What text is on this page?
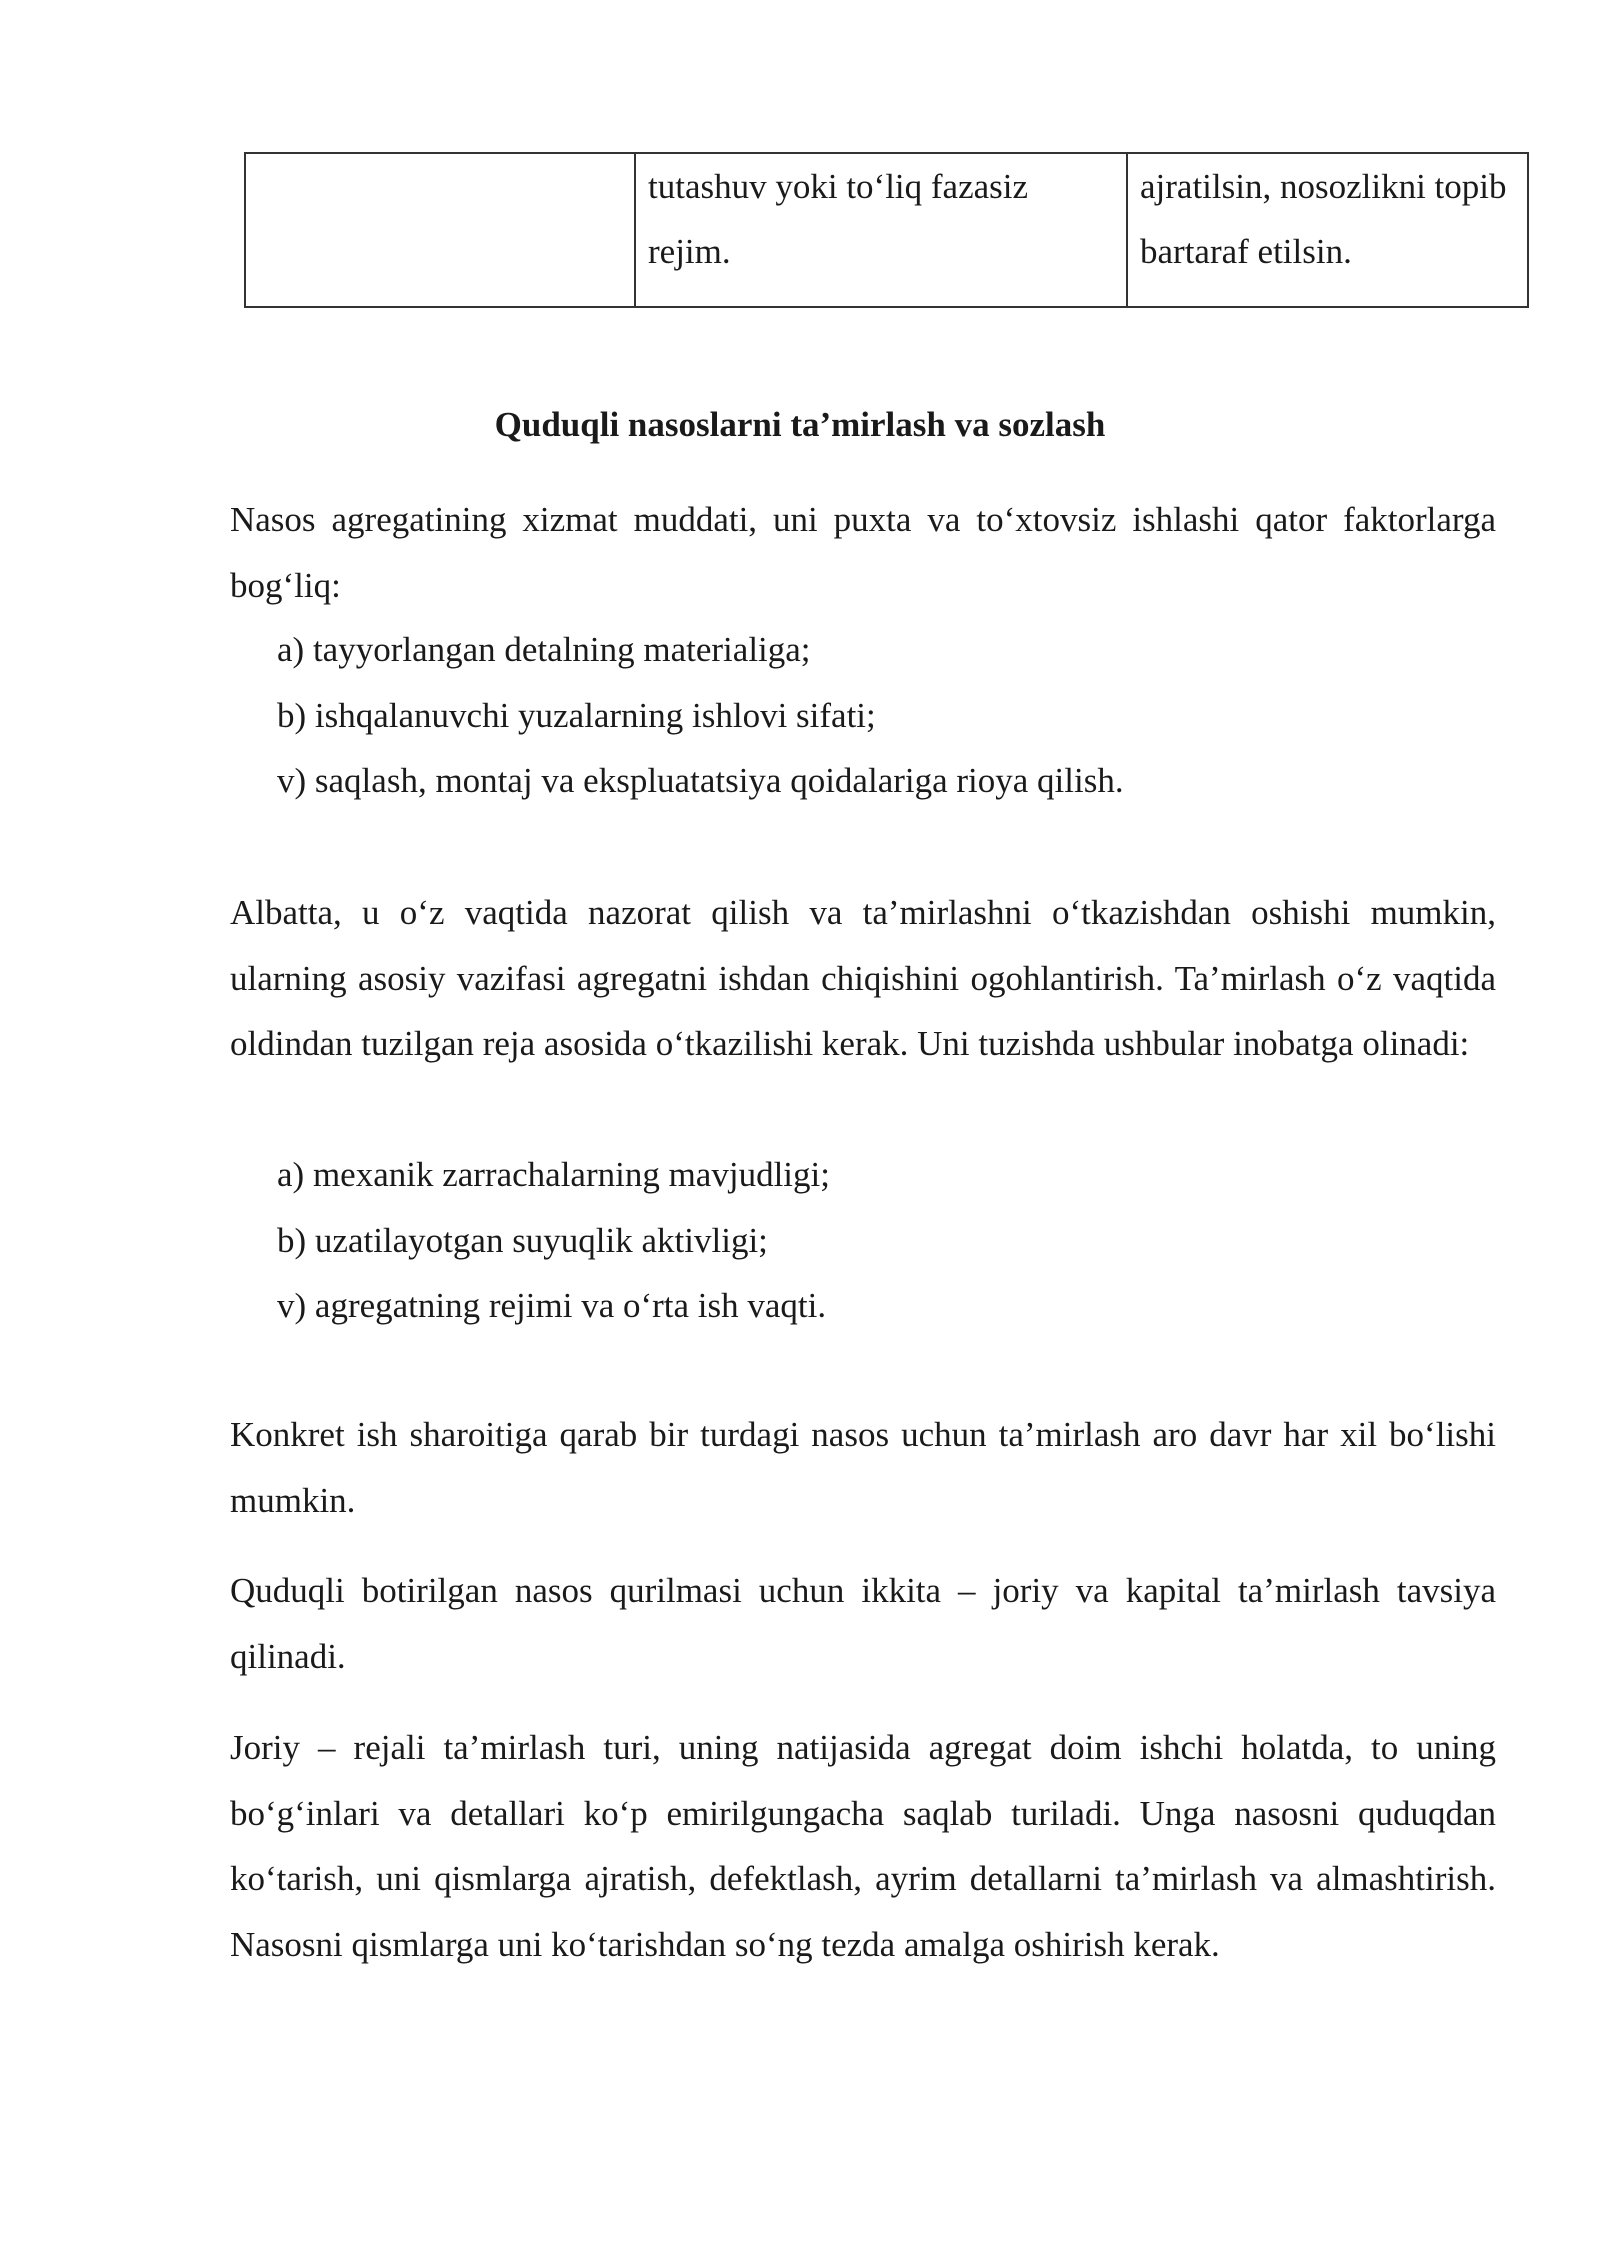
	tutashuv yoki to‘liq fazasiz rejim.	ajratilsin, nosozlikni topib bartaraf etilsin.
Quduqli nasoslarni ta’mirlash va sozlash

Nasos agregatining xizmat muddati, uni puxta va to‘xtovsiz ishlashi qator faktorlarga bog‘liq:

a) tayyorlangan detalning materialiga;
b) ishqalanuvchi yuzalarning ishlovi sifati;
v) saqlash, montaj va ekspluatatsiya qoidalariga rioya qilish.

Albatta, u o‘z vaqtida nazorat qilish va ta’mirlashni o‘tkazishdan oshishi mumkin, ularning asosiy vazifasi agregatni ishdan chiqishini ogohlantirish. Ta’mirlash o‘z vaqtida oldindan tuzilgan reja asosida o‘tkazilishi kerak. Uni tuzishda ushbular inobatga olinadi:

a) mexanik zarrachalarning mavjudligi;
b) uzatilayotgan suyuqlik aktivligi;
v) agregatning rejimi va o‘rta ish vaqti.

Konkret ish sharoitiga qarab bir turdagi nasos uchun ta’mirlash aro davr har xil bo‘lishi mumkin.

Quduqli botirilgan nasos qurilmasi uchun ikkita – joriy va kapital ta’mirlash tavsiya qilinadi.

Joriy – rejali ta’mirlash turi, uning natijasida agregat doim ishchi holatda, to uning bo‘g‘inlari va detallari ko‘p emirilgungacha saqlab turiladi. Unga nasosni quduqdan ko‘tarish, uni qismlarga ajratish, defektlash, ayrim detallarni ta’mirlash va almashtirish. Nasosni qismlarga uni ko‘tarishdan so‘ng tezda amalga oshirish kerak.
